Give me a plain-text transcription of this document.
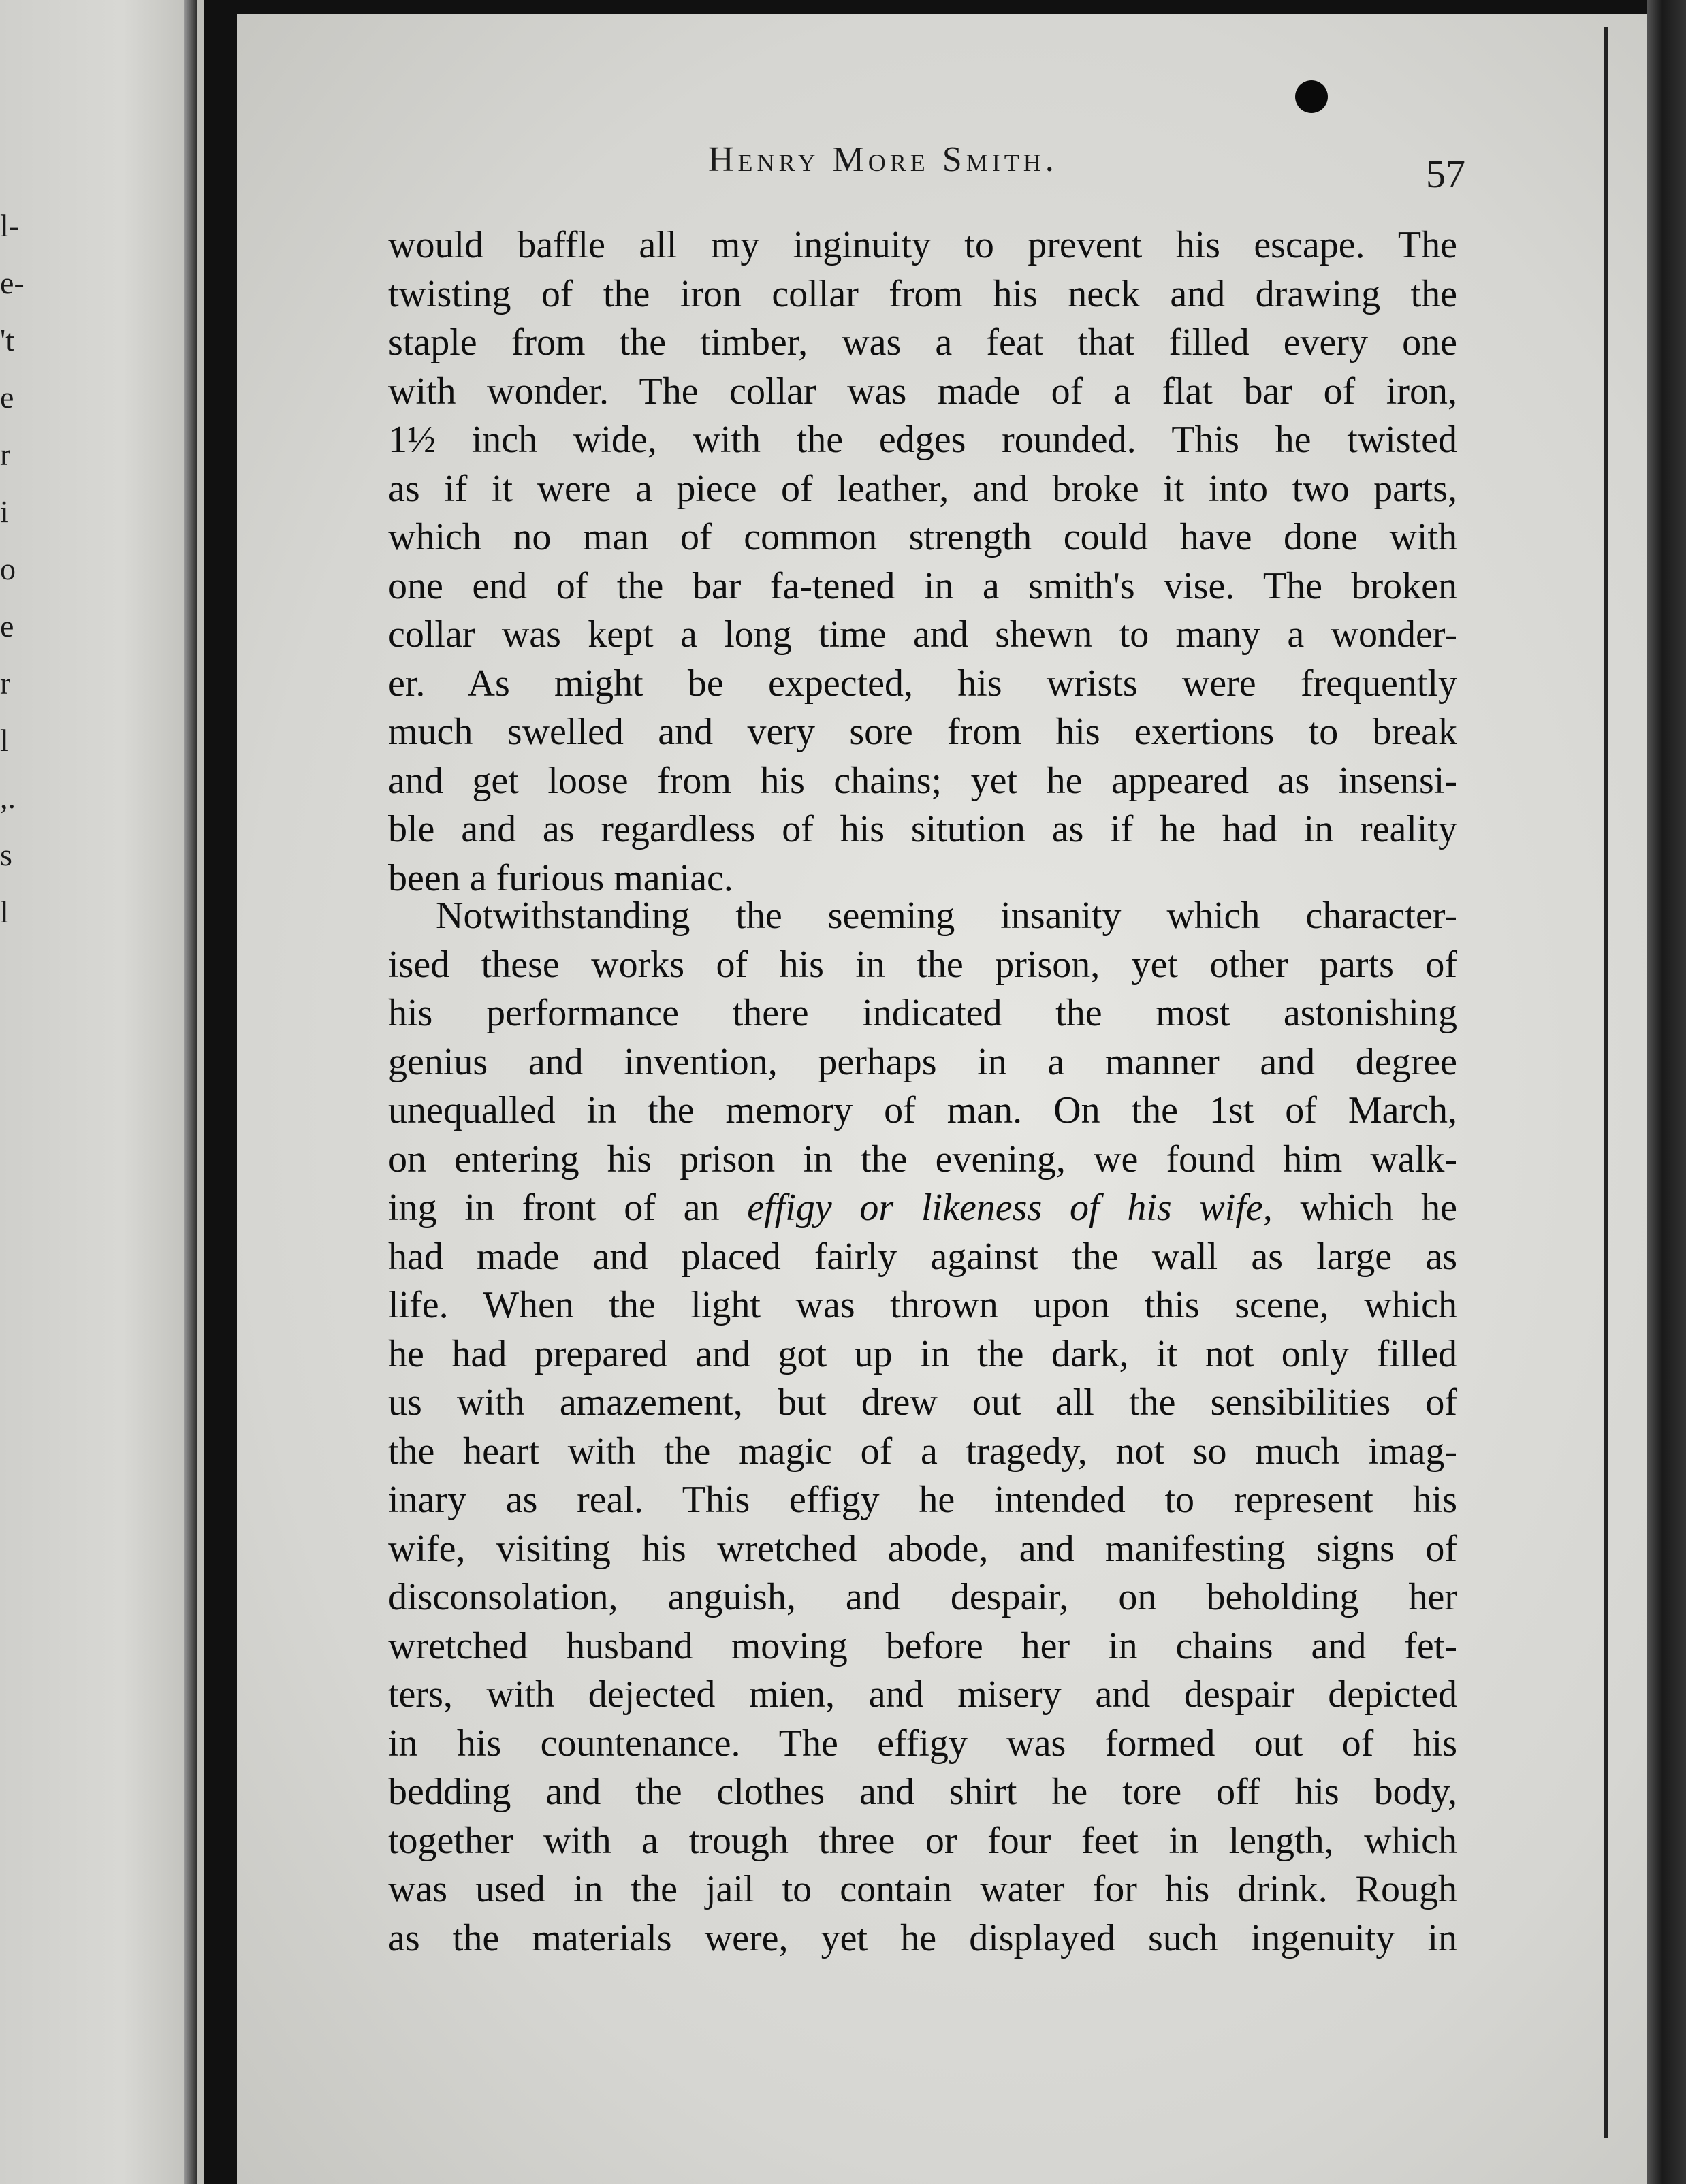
l-
e-
't
e
r
i
o
e
r
l
,.
s
l
Henry More Smith.	57
would baffle all my inginuity to prevent his escape. The
twisting of the iron collar from his neck and drawing the
staple from the timber, was a feat that filled every one
with wonder. The collar was made of a flat bar of iron,
1½ inch wide, with the edges rounded. This he twisted
as if it were a piece of leather, and broke it into two parts,
which no man of common strength could have done with
one end of the bar fa-tened in a smith's vise. The broken
collar was kept a long time and shewn to many a wonder-
er. As might be expected, his wrists were frequently
much swelled and very sore from his exertions to break
and get loose from his chains; yet he appeared as insensi-
ble and as regardless of his sitution as if he had in reality
been a furious maniac.
Notwithstanding the seeming insanity which character-
ised these works of his in the prison, yet other parts of
his performance there indicated the most astonishing
genius and invention, perhaps in a manner and degree
unequalled in the memory of man. On the 1st of March,
on entering his prison in the evening, we found him walk-
ing in front of an effigy or likeness of his wife, which he
had made and placed fairly against the wall as large as
life. When the light was thrown upon this scene, which
he had prepared and got up in the dark, it not only filled
us with amazement, but drew out all the sensibilities of
the heart with the magic of a tragedy, not so much imag-
inary as real. This effigy he intended to represent his
wife, visiting his wretched abode, and manifesting signs of
disconsolation, anguish, and despair, on beholding her
wretched husband moving before her in chains and fet-
ters, with dejected mien, and misery and despair depicted
in his countenance. The effigy was formed out of his
bedding and the clothes and shirt he tore off his body,
together with a trough three or four feet in length, which
was used in the jail to contain water for his drink. Rough
as the materials were, yet he displayed such ingenuity in
